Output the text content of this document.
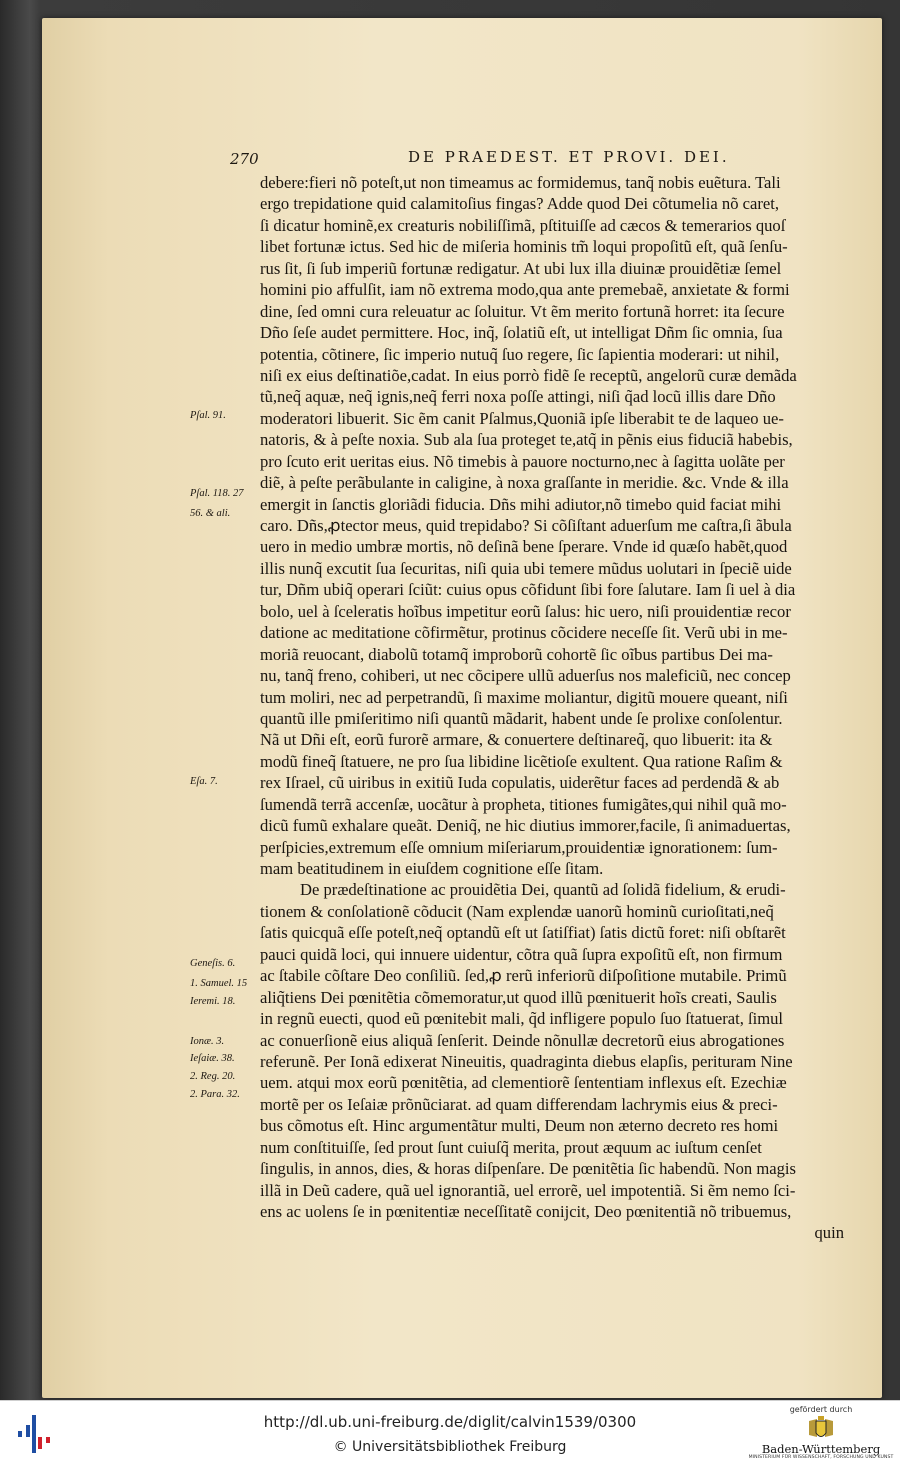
270	DE PRAEDEST. ET PROVI. DEI.

debere:fieri nõ poteſt,ut non timeamus ac formidemus, tanq̃ nobis euẽtura. Tali
ergo trepidatione quid calamitoſius fingas? Adde quod Dei cõtumelia nõ caret,
ſi dicatur hominẽ,ex creaturis nobiliſſimã, pſtituiſſe ad cæcos & temerarios quoſ
libet fortunæ ictus. Sed hic de miſeria hominis tm̃ loqui propoſitũ eſt, quã ſenſu-
rus ſit, ſi ſub imperiũ fortunæ redigatur. At ubi lux illa diuinæ prouidẽtiæ ſemel
homini pio affulſit, iam nõ extrema modo,qua ante premebaẽ, anxietate & formi
dine, ſed omni cura releuatur ac ſoluitur. Vt ẽm merito fortunã horret: ita ſecure
Dño ſeſe audet permittere. Hoc, inq̃, ſolatiũ eſt, ut intelligat Dñm ſic omnia, ſua
potentia, cõtinere, ſic imperio nutuq̃ ſuo regere, ſic ſapientia moderari: ut nihil,
niſi ex eius deſtinatiõe,cadat. In eius porrò fidẽ ſe receptũ, angelorũ curæ demãda
tũ,neq̃ aquæ, neq̃ ignis,neq̃ ferri noxa poſſe attingi, niſi q̃ad locũ illis dare Dño
moderatori libuerit. Sic ẽm canit Pſalmus,Quoniã ipſe liberabit te de laqueo ue-
natoris, & à peſte noxia. Sub ala ſua proteget te,atq̃ in pẽnis eius fiduciã habebis,
pro ſcuto erit ueritas eius. Nõ timebis à pauore nocturno,nec à ſagitta uolãte per
diẽ, à peſte perãbulante in caligine, à noxa graſſante in meridie. &c. Vnde & illa
emergit in ſanctis gloriãdi fiducia. Dñs mihi adiutor,nõ timebo quid faciat mihi
caro. Dñs,ꝓtector meus, quid trepidabo? Si cõſiſtant aduerſum me caſtra,ſi ãbula
uero in medio umbræ mortis, nõ deſinã bene ſperare. Vnde id quæſo habẽt,quod
illis nunq̃ excutit ſua ſecuritas, niſi quia ubi temere mũdus uolutari in ſpeciẽ uide
tur, Dñm ubiq̃ operari ſciũt: cuius opus cõfidunt ſibi fore ſalutare. Iam ſi uel à dia
bolo, uel à ſceleratis hoĩbus impetitur eorũ ſalus: hic uero, niſi prouidentiæ recor
datione ac meditatione cõfirmẽtur, protinus cõcidere neceſſe ſit. Verũ ubi in me-
moriã reuocant, diabolũ totamq̃ improborũ cohortẽ ſic oĩbus partibus Dei ma-
nu, tanq̃ freno, cohiberi, ut nec cõcipere ullũ aduerſus nos maleficiũ, nec concep
tum moliri, nec ad perpetrandũ, ſi maxime moliantur, digitũ mouere queant, niſi
quantũ ille pmiſeritimo niſi quantũ mãdarit, habent unde ſe prolixe conſolentur.
Nã ut Dñi eſt, eorũ furorẽ armare, & conuertere deſtinareq̃, quo libuerit: ita &
modũ fineq̃ ſtatuere, ne pro ſua libidine licẽtioſe exultent. Qua ratione Raſim &
rex Iſrael, cũ uiribus in exitiũ Iuda copulatis, uiderẽtur faces ad perdendã & ab
ſumendã terrã accenſæ, uocãtur à propheta, titiones fumigãtes,qui nihil quã mo-
dicũ fumũ exhalare queãt. Deniq̃, ne hic diutius immorer,facile, ſi animaduertas,
perſpicies,extremum eſſe omnium miſeriarum,prouidentiæ ignorationem: ſum-
mam beatitudinem in eiuſdem cognitione eſſe ſitam.
De prædeſtinatione ac prouidẽtia Dei, quantũ ad ſolidã fidelium, & erudi-
tionem & conſolationẽ cõducit (Nam explendæ uanorũ hominũ curioſitati,neq̃
ſatis quicquã eſſe poteſt,neq̃ optandũ eſt ut ſatiſfiat) ſatis dictũ foret: niſi obſtarẽt
pauci quidã loci, qui innuere uidentur, cõtra quã ſupra expoſitũ eſt, non firmum
ac ſtabile cõſtare Deo conſiliũ. ſed,ꝓ rerũ inferiorũ diſpoſitione mutabile. Primũ
aliq̃tiens Dei pœnitẽtia cõmemoratur,ut quod illũ pœnituerit hoĩs creati, Saulis
in regnũ euecti, quod eũ pœnitebit mali, q̃d infligere populo ſuo ſtatuerat, ſimul
ac conuerſionẽ eius aliquã ſenſerit. Deinde nõnullæ decretorũ eius abrogationes
referunẽ. Per Ionã edixerat Nineuitis, quadraginta diebus elapſis, perituram Nine
uem. atqui mox eorũ pœnitẽtia, ad clementiorẽ ſententiam inflexus eſt. Ezechiæ
mortẽ per os Ieſaiæ prõnũciarat. ad quam differendam lachrymis eius & preci-
bus cõmotus eſt. Hinc argumentãtur multi, Deum non æterno decreto res homi
num conſtituiſſe, ſed prout ſunt cuiuſq̃ merita, prout æquum ac iuſtum cenſet
ſingulis, in annos, dies, & horas diſpenſare. De pœnitẽtia ſic habendũ. Non magis
illã in Deũ cadere, quã uel ignorantiã, uel errorẽ, uel impotentiã. Si ẽm nemo ſci-
ens ac uolens ſe in pœnitentiæ neceſſitatẽ conijcit, Deo pœnitentiã nõ tribuemus,
quin

Pſal. 91.

Pſal. 118. 27

56. & ali.

Eſa. 7.

Geneſis. 6.

1. Samuel. 15

Ieremi. 18.

Ionæ. 3.

Ieſaiæ. 38.

2. Reg. 20.

2. Para. 32.

http://dl.ub.uni-freiburg.de/diglit/calvin1539/0300

© Universitätsbibliothek Freiburg

gefördert durch

Baden-Württemberg

MINISTERIUM FÜR WISSENSCHAFT, FORSCHUNG UND KUNST
